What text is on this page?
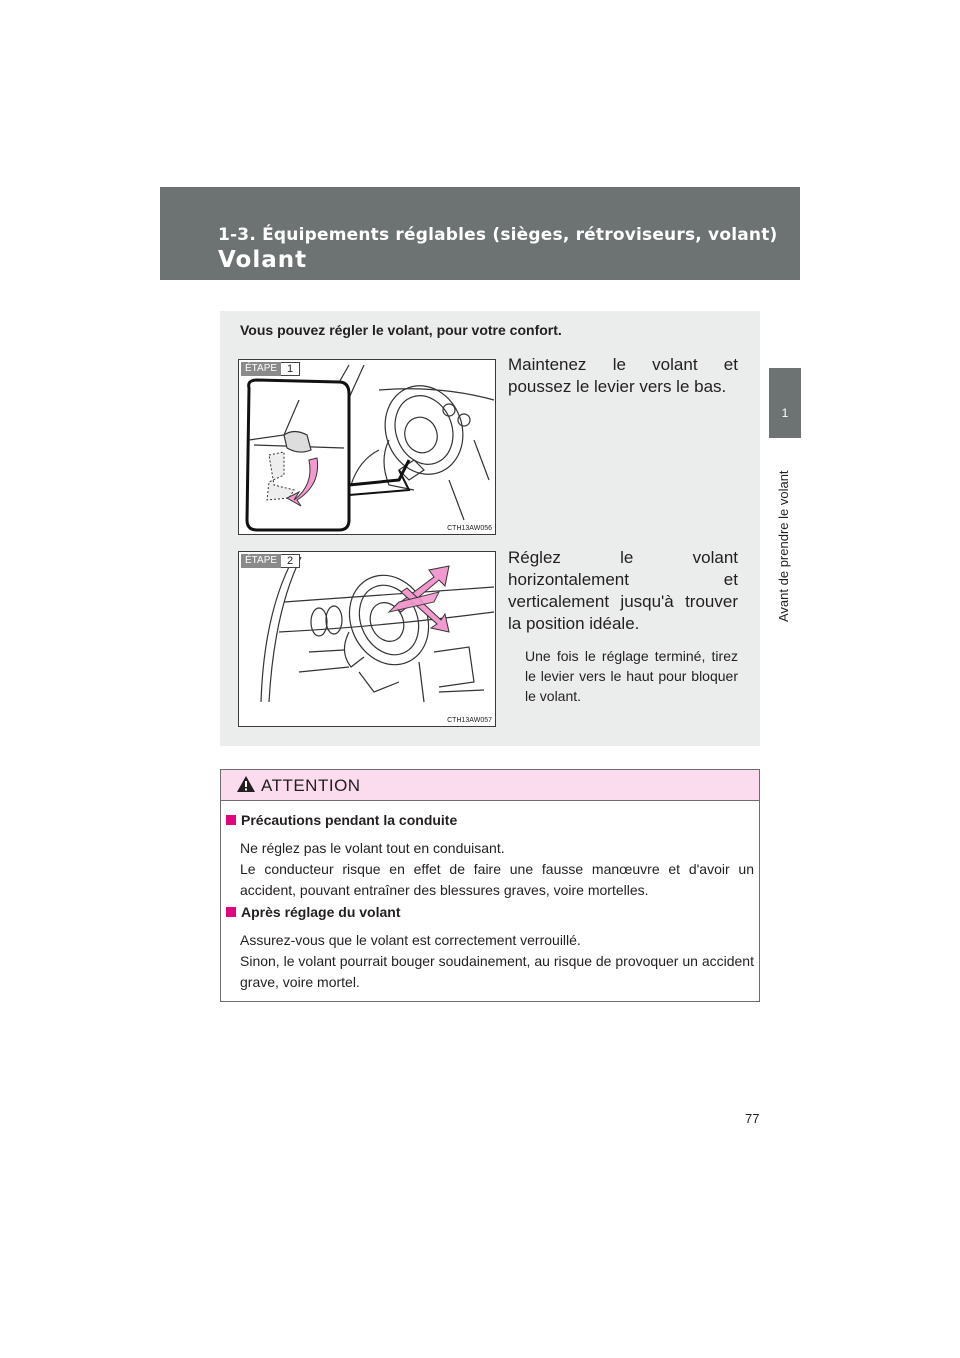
1-3. Équipements réglables (sièges, rétroviseurs, volant)
Volant
1
Avant de prendre le volant
Vous pouvez régler le volant, pour votre confort.
ÉTAPE 1
CTH13AW056
Maintenez le volant et poussez le levier vers le bas.
ÉTAPE 2
CTH13AW057
Réglez le volant horizontalement et verticalement jusqu'à trouver la position idéale.
Une fois le réglage terminé, tirez le levier vers le haut pour bloquer le volant.
ATTENTION
Précautions pendant la conduite
Ne réglez pas le volant tout en conduisant.
Le conducteur risque en effet de faire une fausse manœuvre et d'avoir un accident, pouvant entraîner des blessures graves, voire mortelles.
Après réglage du volant
Assurez-vous que le volant est correctement verrouillé.
Sinon, le volant pourrait bouger soudainement, au risque de provoquer un accident grave, voire mortel.
77
